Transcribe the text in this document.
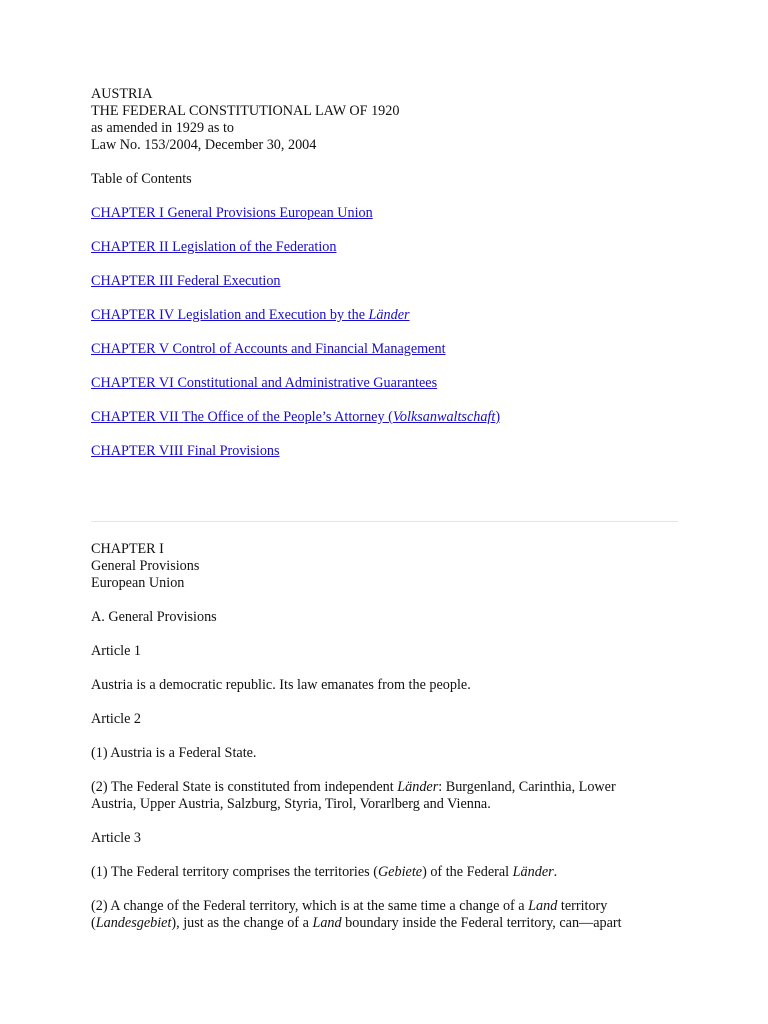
AUSTRIA
THE FEDERAL CONSTITUTIONAL LAW OF 1920
as amended in 1929 as to
Law No. 153/2004, December 30, 2004
Table of Contents
CHAPTER I General Provisions European Union
CHAPTER II Legislation of the Federation
CHAPTER III Federal Execution
CHAPTER IV Legislation and Execution by the Länder
CHAPTER V Control of Accounts and Financial Management
CHAPTER VI Constitutional and Administrative Guarantees
CHAPTER VII The Office of the People’s Attorney (Volksanwaltschaft)
CHAPTER VIII Final Provisions

CHAPTER I
General Provisions
European Union

A. General Provisions

Article 1

Austria is a democratic republic. Its law emanates from the people.

Article 2

(1) Austria is a Federal State.

(2) The Federal State is constituted from independent Länder: Burgenland, Carinthia, Lower
Austria, Upper Austria, Salzburg, Styria, Tirol, Vorarlberg and Vienna.

Article 3

(1) The Federal territory comprises the territories (Gebiete) of the Federal Länder.

(2) A change of the Federal territory, which is at the same time a change of a Land territory
(Landesgebiet), just as the change of a Land boundary inside the Federal territory, can—apart
